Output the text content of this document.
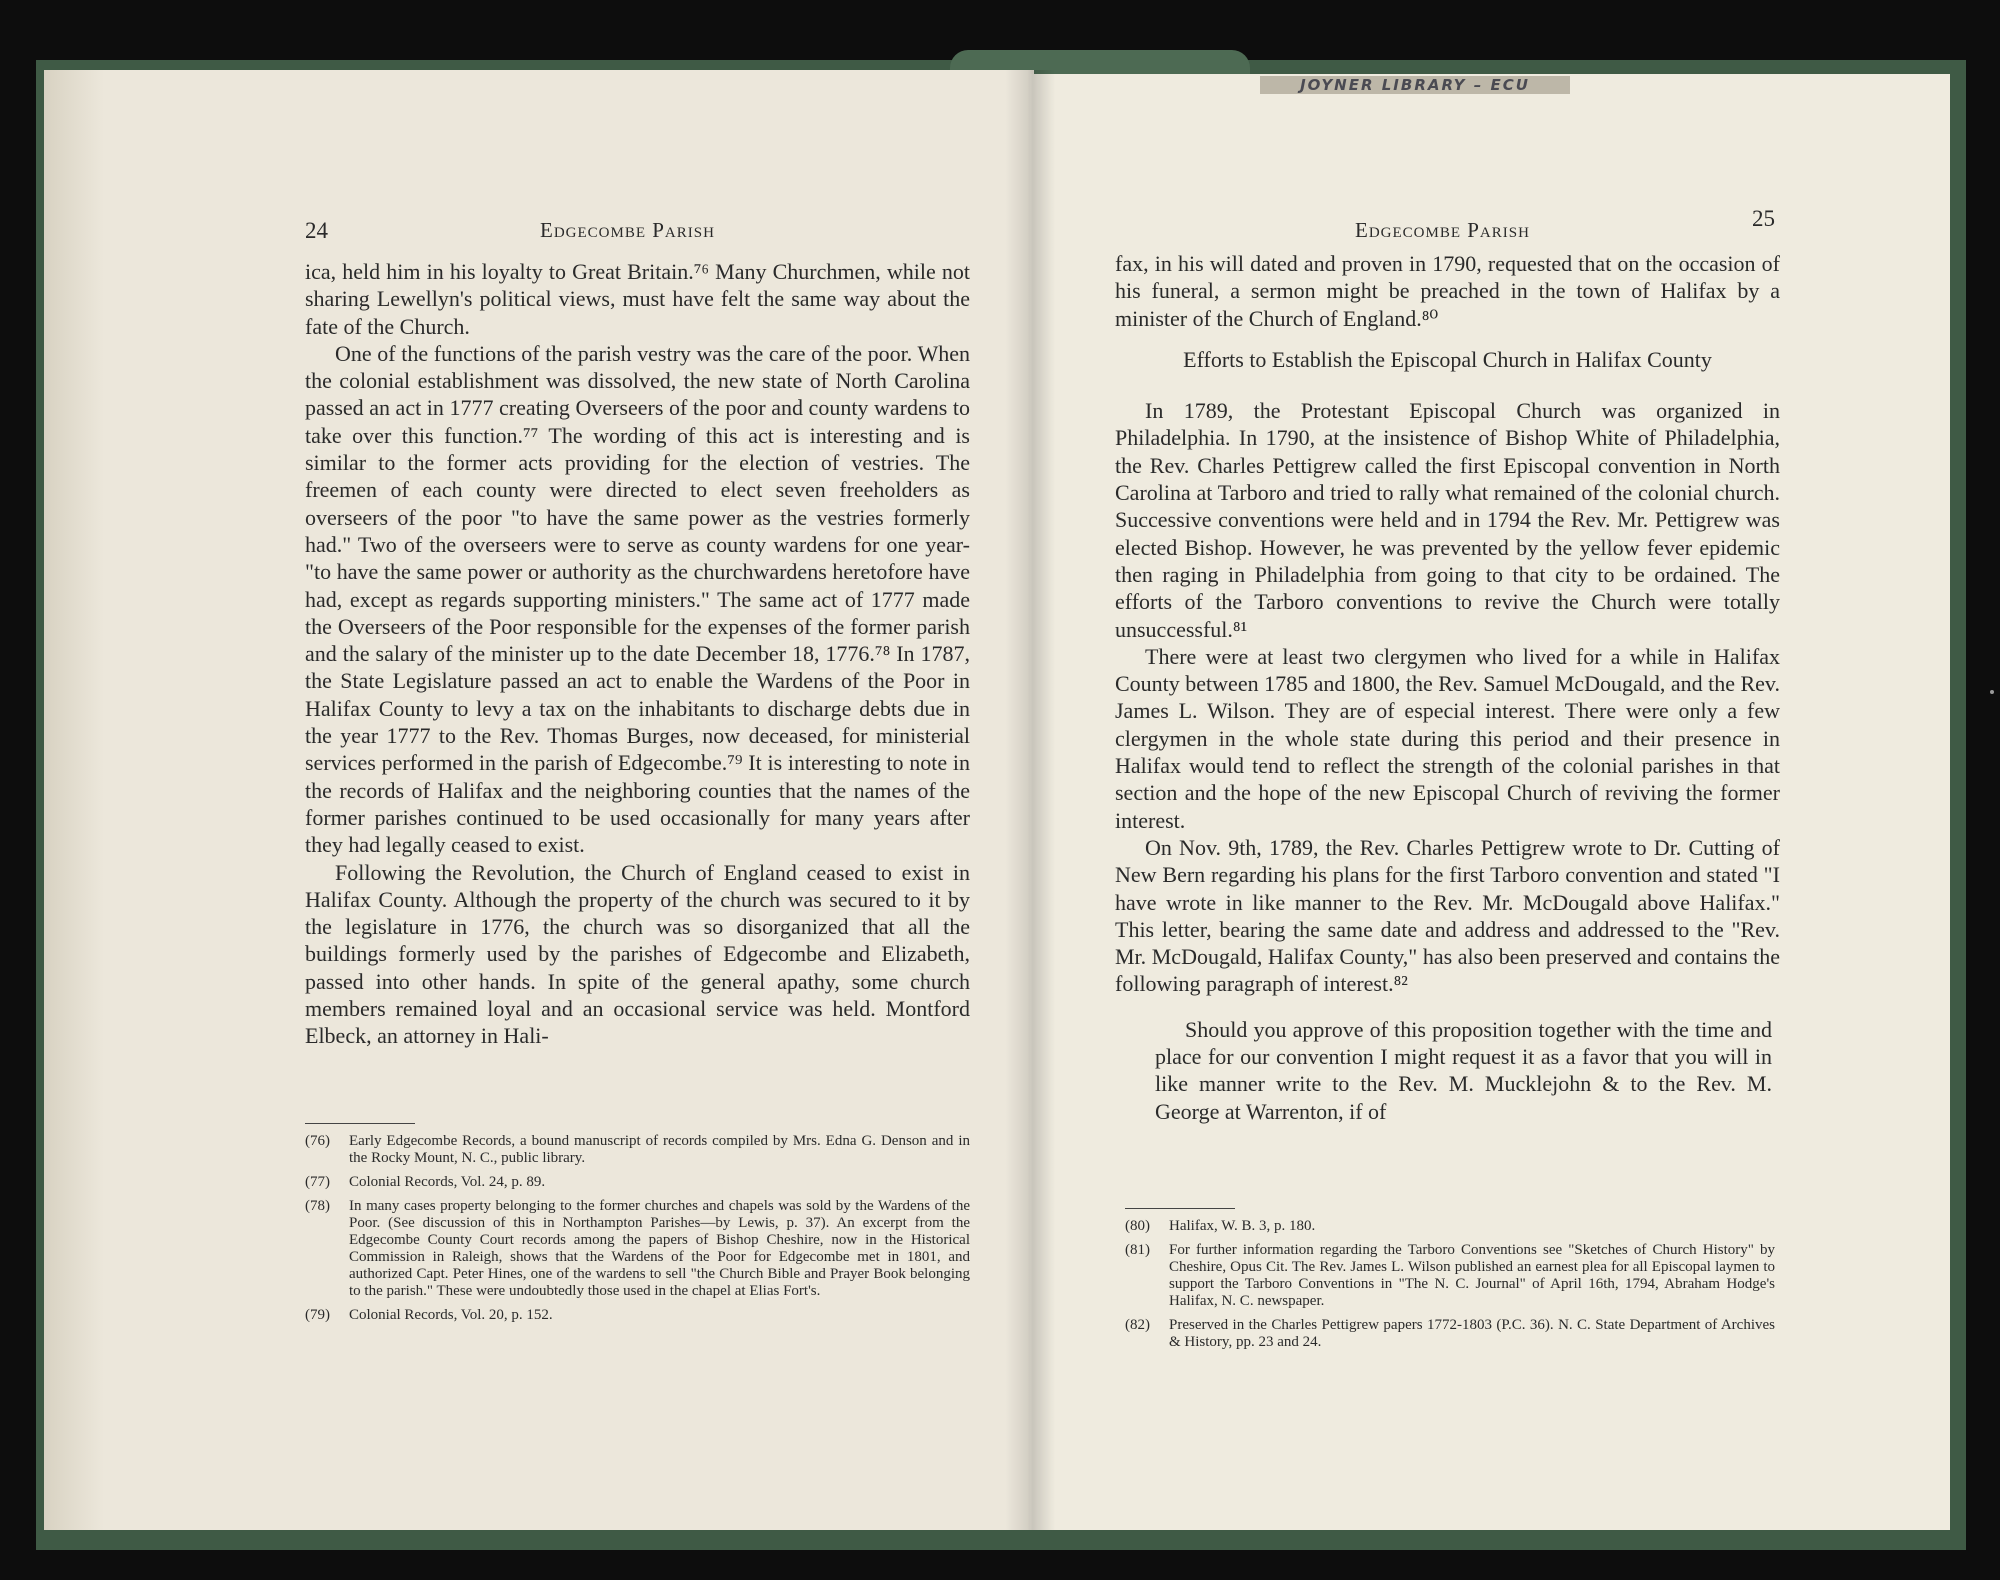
JOYNER LIBRARY – ECU
24	Edgecombe Parish

ica, held him in his loyalty to Great Britain.⁷⁶ Many Churchmen, while not sharing Lewellyn's political views, must have felt the same way about the fate of the Church.

One of the functions of the parish vestry was the care of the poor. When the colonial establishment was dissolved, the new state of North Carolina passed an act in 1777 creating Overseers of the poor and county wardens to take over this function.⁷⁷ The wording of this act is interesting and is similar to the former acts providing for the election of vestries. The freemen of each county were directed to elect seven freeholders as overseers of the poor "to have the same power as the vestries formerly had." Two of the overseers were to serve as county wardens for one year-"to have the same power or authority as the churchwardens heretofore have had, except as regards supporting ministers." The same act of 1777 made the Overseers of the Poor responsible for the expenses of the former parish and the salary of the minister up to the date December 18, 1776.⁷⁸ In 1787, the State Legislature passed an act to enable the Wardens of the Poor in Halifax County to levy a tax on the inhabitants to discharge debts due in the year 1777 to the Rev. Thomas Burges, now deceased, for ministerial services performed in the parish of Edgecombe.⁷⁹ It is interesting to note in the records of Halifax and the neighboring counties that the names of the former parishes continued to be used occasionally for many years after they had legally ceased to exist.

Following the Revolution, the Church of England ceased to exist in Halifax County. Although the property of the church was secured to it by the legislature in 1776, the church was so disorganized that all the buildings formerly used by the parishes of Edgecombe and Elizabeth, passed into other hands. In spite of the general apathy, some church members remained loyal and an occasional service was held. Montford Elbeck, an attorney in Hali-

(76)	Early Edgecombe Records, a bound manuscript of records compiled by Mrs. Edna G. Denson and in the Rocky Mount, N. C., public library.
(77)	Colonial Records, Vol. 24, p. 89.
(78)	In many cases property belonging to the former churches and chapels was sold by the Wardens of the Poor. (See discussion of this in Northampton Parishes—by Lewis, p. 37). An excerpt from the Edgecombe County Court records among the papers of Bishop Cheshire, now in the Historical Commission in Raleigh, shows that the Wardens of the Poor for Edgecombe met in 1801, and authorized Capt. Peter Hines, one of the wardens to sell "the Church Bible and Prayer Book belonging to the parish." These were undoubtedly those used in the chapel at Elias Fort's.
(79)	Colonial Records, Vol. 20, p. 152.
Edgecombe Parish	25

fax, in his will dated and proven in 1790, requested that on the occasion of his funeral, a sermon might be preached in the town of Halifax by a minister of the Church of England.⁸⁰

Efforts to Establish the Episcopal Church in Halifax County

In 1789, the Protestant Episcopal Church was organized in Philadelphia. In 1790, at the insistence of Bishop White of Philadelphia, the Rev. Charles Pettigrew called the first Episcopal convention in North Carolina at Tarboro and tried to rally what remained of the colonial church. Successive conventions were held and in 1794 the Rev. Mr. Pettigrew was elected Bishop. However, he was prevented by the yellow fever epidemic then raging in Philadelphia from going to that city to be ordained. The efforts of the Tarboro conventions to revive the Church were totally unsuccessful.⁸¹

There were at least two clergymen who lived for a while in Halifax County between 1785 and 1800, the Rev. Samuel McDougald, and the Rev. James L. Wilson. They are of especial interest. There were only a few clergymen in the whole state during this period and their presence in Halifax would tend to reflect the strength of the colonial parishes in that section and the hope of the new Episcopal Church of reviving the former interest.

On Nov. 9th, 1789, the Rev. Charles Pettigrew wrote to Dr. Cutting of New Bern regarding his plans for the first Tarboro convention and stated "I have wrote in like manner to the Rev. Mr. McDougald above Halifax." This letter, bearing the same date and address and addressed to the "Rev. Mr. McDougald, Halifax County," has also been preserved and contains the following paragraph of interest.⁸²

Should you approve of this proposition together with the time and place for our convention I might request it as a favor that you will in like manner write to the Rev. M. Mucklejohn & to the Rev. M. George at Warrenton, if of

(80)	Halifax, W. B. 3, p. 180.
(81)	For further information regarding the Tarboro Conventions see "Sketches of Church History" by Cheshire, Opus Cit. The Rev. James L. Wilson published an earnest plea for all Episcopal laymen to support the Tarboro Conventions in "The N. C. Journal" of April 16th, 1794, Abraham Hodge's Halifax, N. C. newspaper.
(82)	Preserved in the Charles Pettigrew papers 1772-1803 (P.C. 36). N. C. State Department of Archives & History, pp. 23 and 24.
